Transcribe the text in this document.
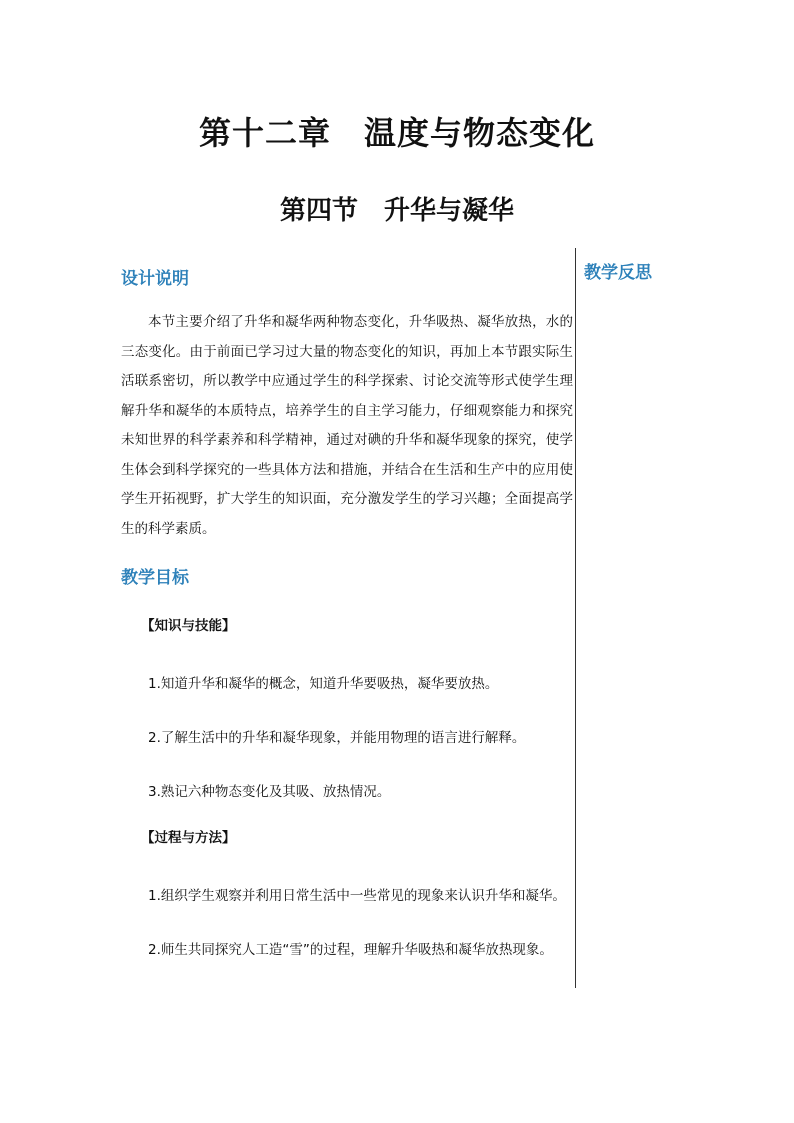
第十二章　温度与物态变化
第四节　升华与凝华
教学反思
设计说明

本节主要介绍了升华和凝华两种物态变化，升华吸热、凝华放热，水的三态变化。由于前面已学习过大量的物态变化的知识，再加上本节跟实际生活联系密切，所以教学中应通过学生的科学探索、讨论交流等形式使学生理解升华和凝华的本质特点，培养学生的自主学习能力，仔细观察能力和探究未知世界的科学素养和科学精神，通过对碘的升华和凝华现象的探究，使学生体会到科学探究的一些具体方法和措施，并结合在生活和生产中的应用使学生开拓视野，扩大学生的知识面，充分激发学生的学习兴趣；全面提高学生的科学素质。

教学目标
【知识与技能】
1.知道升华和凝华的概念，知道升华要吸热，凝华要放热。
2.了解生活中的升华和凝华现象，并能用物理的语言进行解释。
3.熟记六种物态变化及其吸、放热情况。
【过程与方法】
1.组织学生观察并利用日常生活中一些常见的现象来认识升华和凝华。
2.师生共同探究人工造“雪”的过程，理解升华吸热和凝华放热现象。
